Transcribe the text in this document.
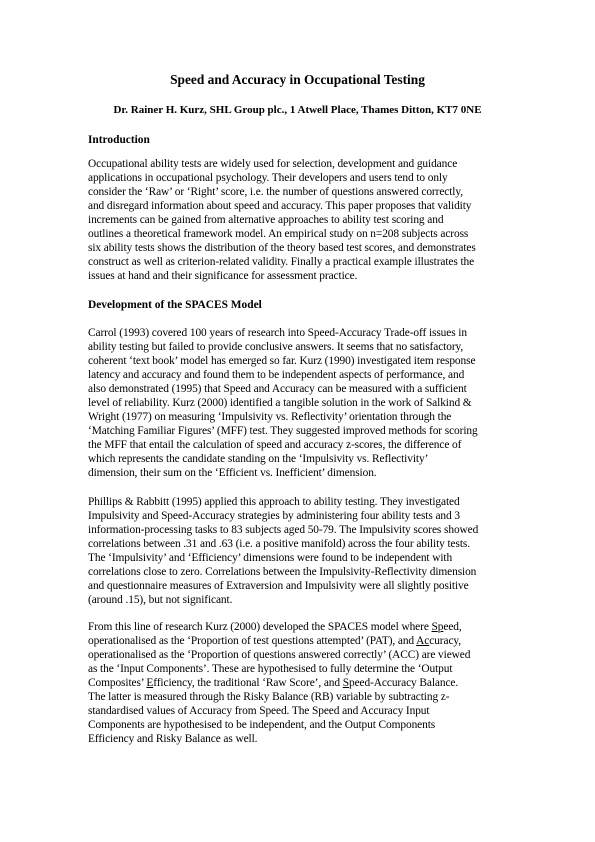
Speed and Accuracy in Occupational Testing
Dr. Rainer H. Kurz, SHL Group plc., 1 Atwell Place, Thames Ditton, KT7 0NE
Introduction
Occupational ability tests are widely used for selection, development and guidance
applications in occupational psychology. Their developers and users tend to only
consider the ‘Raw’ or ‘Right’ score, i.e. the number of questions answered correctly,
and disregard information about speed and accuracy. This paper proposes that validity
increments can be gained from alternative approaches to ability test scoring and
outlines a theoretical framework model. An empirical study on n=208 subjects across
six ability tests shows the distribution of the theory based test scores, and demonstrates
construct as well as criterion-related validity. Finally a practical example illustrates the
issues at hand and their significance for assessment practice.
Development of the SPACES Model
Carrol (1993) covered 100 years of research into Speed-Accuracy Trade-off issues in
ability testing but failed to provide conclusive answers. It seems that no satisfactory,
coherent ‘text book’ model has emerged so far. Kurz (1990) investigated item response
latency and accuracy and found them to be independent aspects of performance, and
also demonstrated (1995) that Speed and Accuracy can be measured with a sufficient
level of reliability. Kurz (2000) identified a tangible solution in the work of Salkind &
Wright (1977) on measuring ‘Impulsivity vs. Reflectivity’ orientation through the
‘Matching Familiar Figures’ (MFF) test. They suggested improved methods for scoring
the MFF that entail the calculation of speed and accuracy z-scores, the difference of
which represents the candidate standing on the ‘Impulsivity vs. Reflectivity’
dimension, their sum on the ‘Efficient vs. Inefficient’ dimension.
Phillips & Rabbitt (1995) applied this approach to ability testing. They investigated
Impulsivity and Speed-Accuracy strategies by administering four ability tests and 3
information-processing tasks to 83 subjects aged 50-79. The Impulsivity scores showed
correlations between .31 and .63 (i.e. a positive manifold) across the four ability tests.
The ‘Impulsivity’ and ‘Efficiency’ dimensions were found to be independent with
correlations close to zero. Correlations between the Impulsivity-Reflectivity dimension
and questionnaire measures of Extraversion and Impulsivity were all slightly positive
(around .15), but not significant.
From this line of research Kurz (2000) developed the SPACES model where Speed,
operationalised as the ‘Proportion of test questions attempted’ (PAT), and Accuracy,
operationalised as the ‘Proportion of questions answered correctly’ (ACC) are viewed
as the ‘Input Components’. These are hypothesised to fully determine the ‘Output
Composites’ Efficiency, the traditional ‘Raw Score’, and Speed-Accuracy Balance.
The latter is measured through the Risky Balance (RB) variable by subtracting z-
standardised values of Accuracy from Speed. The Speed and Accuracy Input
Components are hypothesised to be independent, and the Output Components
Efficiency and Risky Balance as well.
